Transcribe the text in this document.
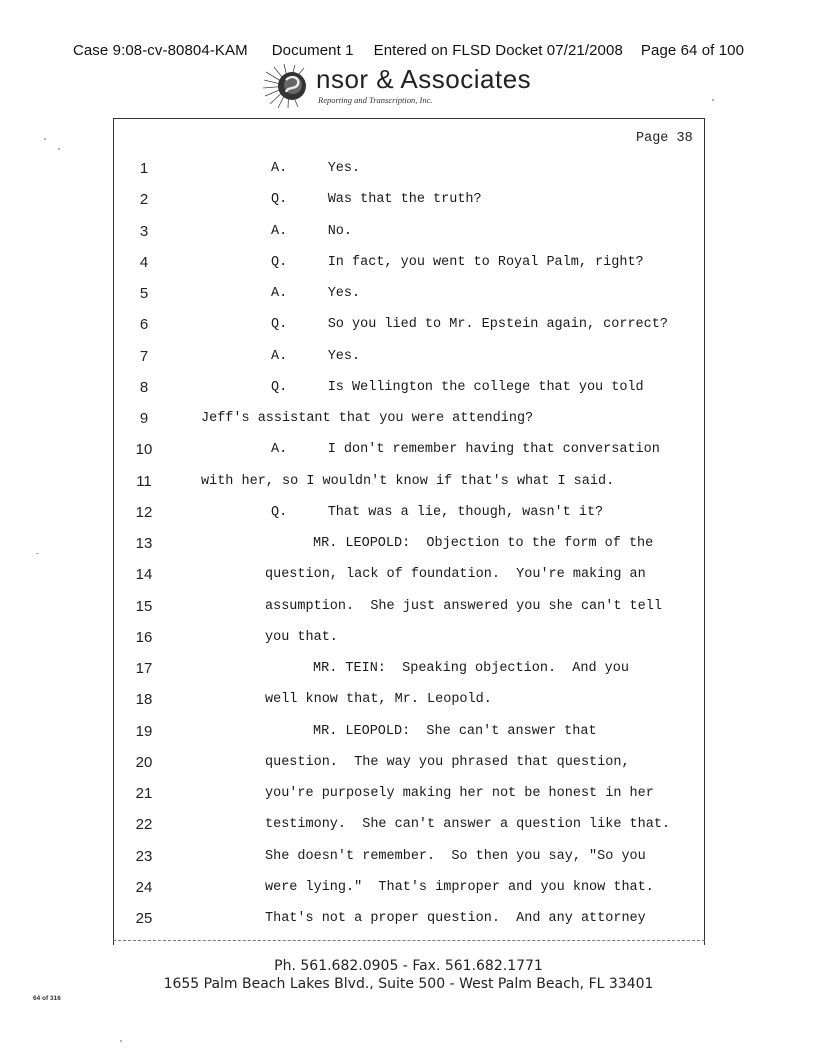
Case 9:08-cv-80804-KAM Document 1 Entered on FLSD Docket 07/21/2008 Page 64 of 100
nsor & Associates
Reporting and Transcription, Inc.
Page 38
1	A.     Yes.
2	Q.     Was that the truth?
3	A.     No.
4	Q.     In fact, you went to Royal Palm, right?
5	A.     Yes.
6	Q.     So you lied to Mr. Epstein again, correct?
7	A.     Yes.
8	Q.     Is Wellington the college that you told
9	Jeff's assistant that you were attending?
10	A.     I don't remember having that conversation
11	with her, so I wouldn't know if that's what I said.
12	Q.     That was a lie, though, wasn't it?
13	MR. LEOPOLD:  Objection to the form of the
14	question, lack of foundation.  You're making an
15	assumption.  She just answered you she can't tell
16	you that.
17	MR. TEIN:  Speaking objection.  And you
18	well know that, Mr. Leopold.
19	MR. LEOPOLD:  She can't answer that
20	question.  The way you phrased that question,
21	you're purposely making her not be honest in her
22	testimony.  She can't answer a question like that.
23	She doesn't remember.  So then you say, "So you
24	were lying."  That's improper and you know that.
25	That's not a proper question.  And any attorney
Ph. 561.682.0905 - Fax. 561.682.1771
1655 Palm Beach Lakes Blvd., Suite 500 - West Palm Beach, FL 33401
64 of 316
